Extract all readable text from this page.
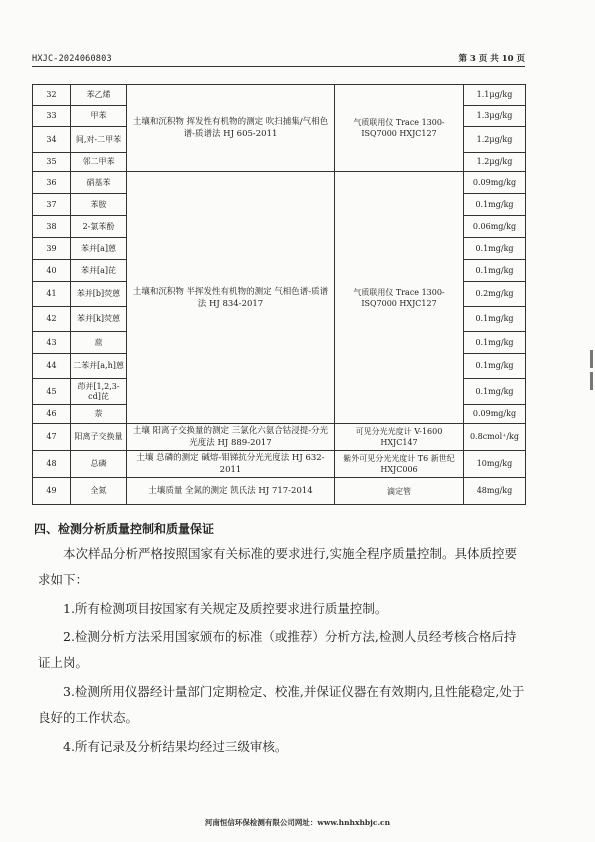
HXJC-2024060803	第 3 页 共 10 页
32	苯乙烯	土壤和沉积物 挥发性有机物的测定 吹扫捕集/气相色谱-质谱法 HJ 605-2011	气质联用仪 Trace 1300-ISQ7000 HXJC127	1.1μg/kg
33	甲苯			1.3μg/kg
34	间,对-二甲苯			1.2μg/kg
35	邻二甲苯			1.2μg/kg
36	硝基苯	土壤和沉积物 半挥发性有机物的测定 气相色谱-质谱法 HJ 834-2017	气质联用仪 Trace 1300-ISQ7000 HXJC127	0.09mg/kg
37	苯胺			0.1mg/kg
38	2-氯苯酚			0.06mg/kg
39	苯并[a]蒽			0.1mg/kg
40	苯并[a]芘			0.1mg/kg
41	苯并[b]荧蒽			0.2mg/kg
42	苯并[k]荧蒽			0.1mg/kg
43	䓛			0.1mg/kg
44	二苯并[a,h]蒽			0.1mg/kg
45	茚并[1,2,3-cd]芘			0.1mg/kg
46	萘			0.09mg/kg
47	阳离子交换量	土壤 阳离子交换量的测定 三氯化六氨合钴浸提-分光光度法 HJ 889-2017	可见分光光度计 V-1600 HXJC147	0.8cmol⁺/kg
48	总磷	土壤 总磷的测定 碱熔-钼锑抗分光光度法 HJ 632-2011	紫外可见分光光度计 T6 新世纪 HXJC006	10mg/kg
49	全氮	土壤质量 全氮的测定 凯氏法 HJ 717-2014	滴定管	48mg/kg
四、检测分析质量控制和质量保证

本次样品分析严格按照国家有关标准的要求进行,实施全程序质量控制。具体质控要求如下：

1.所有检测项目按国家有关规定及质控要求进行质量控制。

2.检测分析方法采用国家颁布的标准（或推荐）分析方法,检测人员经考核合格后持证上岗。

3.检测所用仪器经计量部门定期检定、校准,并保证仪器在有效期内,且性能稳定,处于良好的工作状态。

4.所有记录及分析结果均经过三级审核。

河南恒信环保检测有限公司网址：www.hnhxhbjc.cn
